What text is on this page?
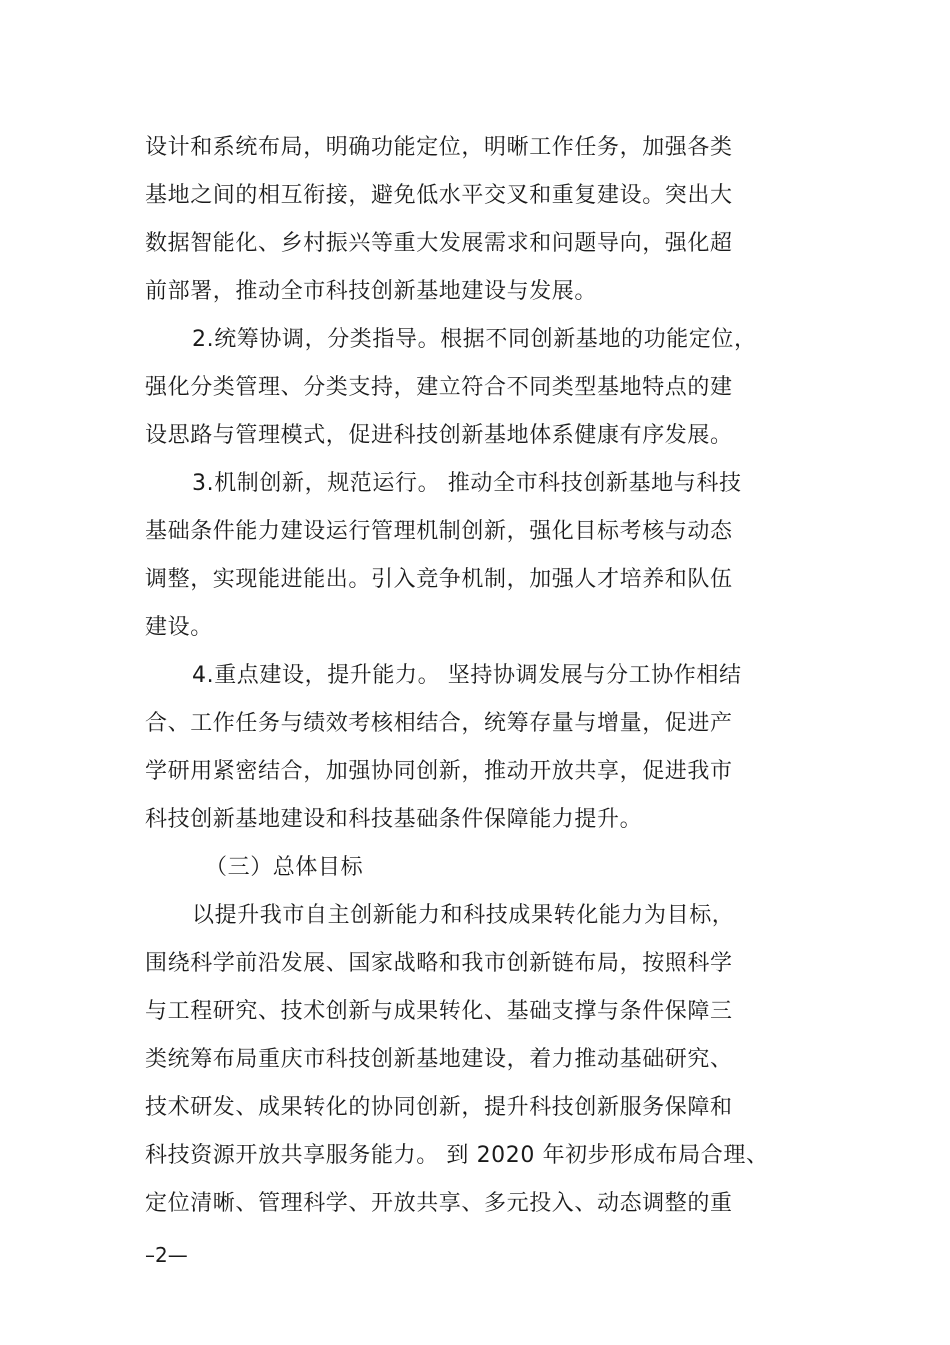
设计和系统布局，明确功能定位，明晰工作任务，加强各类
基地之间的相互衔接，避免低水平交叉和重复建设。突出大
数据智能化、乡村振兴等重大发展需求和问题导向，强化超
前部署，推动全市科技创新基地建设与发展。
2.统筹协调，分类指导。根据不同创新基地的功能定位，
强化分类管理、分类支持，建立符合不同类型基地特点的建
设思路与管理模式，促进科技创新基地体系健康有序发展。
3.机制创新，规范运行。 推动全市科技创新基地与科技
基础条件能力建设运行管理机制创新，强化目标考核与动态
调整，实现能进能出。引入竞争机制，加强人才培养和队伍
建设。
4.重点建设，提升能力。 坚持协调发展与分工协作相结
合、工作任务与绩效考核相结合，统筹存量与增量，促进产
学研用紧密结合，加强协同创新，推动开放共享，促进我市
科技创新基地建设和科技基础条件保障能力提升。
（三）总体目标
以提升我市自主创新能力和科技成果转化能力为目标，
围绕科学前沿发展、国家战略和我市创新链布局，按照科学
与工程研究、技术创新与成果转化、基础支撑与条件保障三
类统筹布局重庆市科技创新基地建设，着力推动基础研究、
技术研发、成果转化的协同创新，提升科技创新服务保障和
科技资源开放共享服务能力。 到 2020 年初步形成布局合理、
定位清晰、管理科学、开放共享、多元投入、动态调整的重
–2—
